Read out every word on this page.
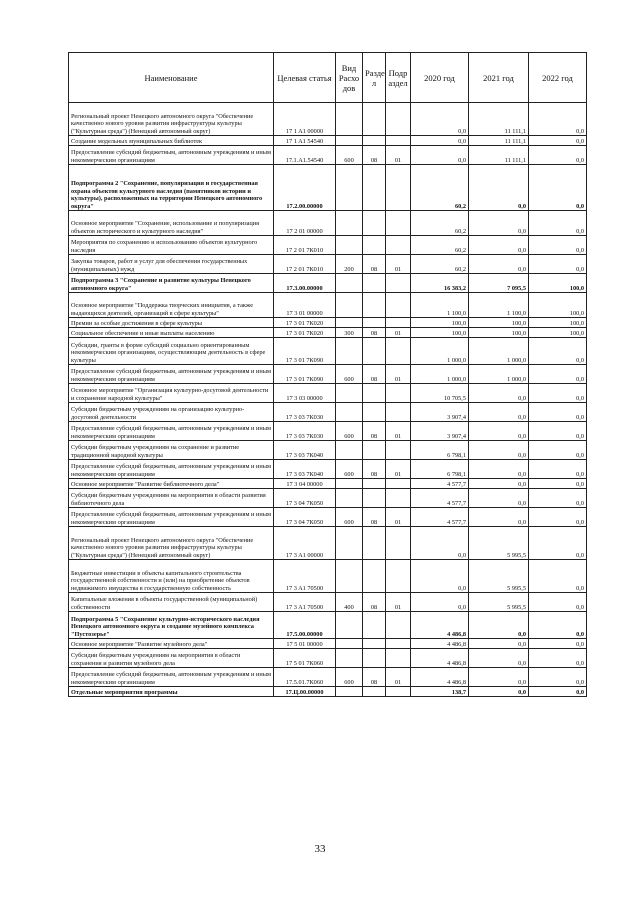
Наименование	Целевая статья	Вид Расхо дов	Разде л	Подр аздел	2020 год	2021 год	2022 год
Региональный проект Ненецкого автономного округа "Обеспечение качественно нового уровня развития инфраструктуры культуры ("Культурная среда") (Ненецкий автономный округ)	17 1 A1 00000				0,0	11 111,1	0,0
Создание модельных муниципальных библиотек	17 1 A1 54540				0,0	11 111,1	0,0
Предоставление субсидий бюджетным, автономным учреждениям и иным некоммерческим организациям	17.1.A1.54540	600	08	01	0,0	11 111,1	0,0
Подпрограмма 2 "Сохранение, популяризация и государственная охрана объектов культурного наследия (памятников истории и культуры), расположенных на территории Ненецкого автономного округа"	17.2.00.00000				60,2	0,0	0,0
Основное мероприятие "Сохранение, использование и популяризация объектов исторического и культурного наследия"	17 2 01 00000				60,2	0,0	0,0
Мероприятия по сохранению и использованию объектов культурного наследия	17 2 01 7К010				60,2	0,0	0,0
Закупка товаров, работ и услуг для обеспечения государственных (муниципальных) нужд	17 2 01 7К010	200	08	01	60,2	0,0	0,0
Подпрограмма 3 "Сохранение и развитие культуры Ненецкого автономного округа"	17.3.00.00000				16 383,2	7 095,5	100,0
Основное мероприятие "Поддержка творческих инициатив, а также выдающихся деятелей, организаций в сфере культуры"	17 3 01 00000				1 100,0	1 100,0	100,0
Премии за особые достижения в сфере культуры	17 3 01 7К020				100,0	100,0	100,0
Социальное обеспечение и иные выплаты населению	17 3 01 7К020	300	08	01	100,0	100,0	100,0
Субсидии, гранты в форме субсидий социально ориентированным некоммерческим организациям, осуществляющим деятельность в сфере культуры	17 3 01 7К090				1 000,0	1 000,0	0,0
Предоставление субсидий бюджетным, автономным учреждениям и иным некоммерческим организациям	17 3 01 7К090	600	08	01	1 000,0	1 000,0	0,0
Основное мероприятие "Организация культурно-досуговой деятельности и сохранение народной культуры"	17 3 03 00000				10 705,5	0,0	0,0
Субсидии бюджетным учреждениям на организацию культурно-досуговой деятельности	17 3 03 7К030				3 907,4	0,0	0,0
Предоставление субсидий бюджетным, автономным учреждениям и иным некоммерческим организациям	17 3 03 7К030	600	08	01	3 907,4	0,0	0,0
Субсидии бюджетным учреждениям на сохранение и развитие традиционной народной культуры	17 3 03 7К040				6 798,1	0,0	0,0
Предоставление субсидий бюджетным, автономным учреждениям и иным некоммерческим организациям	17 3 03 7К040	600	08	01	6 798,1	0,0	0,0
Основное мероприятие "Развитие библиотечного дела"	17 3 04 00000				4 577,7	0,0	0,0
Субсидии бюджетным учреждениям на мероприятия в области развития библиотечного дела	17 3 04 7К050				4 577,7	0,0	0,0
Предоставление субсидий бюджетным, автономным учреждениям и иным некоммерческим организациям	17 3 04 7К050	600	08	01	4 577,7	0,0	0,0
Региональный проект Ненецкого автономного округа "Обеспечение качественно нового уровня развития инфраструктуры культуры ("Культурная среда") (Ненецкий автономный округ)	17 3 A1 00000				0,0	5 995,5	0,0
Бюджетные инвестиции в объекты капитального строительства государственной собственности и (или) на приобретение объектов недвижимого имущества в государственную собственность	17 3 A1 70500				0,0	5 995,5	0,0
Капитальные вложения в объекты государственной (муниципальной) собственности	17 3 A1 70500	400	08	01	0,0	5 995,5	0,0
Подпрограмма 5 "Сохранение культурно-исторического наследия Ненецкого автономного округа и создание музейного комплекса "Пустозерье"	17.5.00.00000				4 486,8	0,0	0,0
Основное мероприятие "Развитие музейного дела"	17 5 01 00000				4 486,8	0,0	0,0
Субсидии бюджетным учреждениям на мероприятия в области сохранения и развития музейного дела	17 5 01 7К060				4 486,8	0,0	0,0
Предоставление субсидий бюджетным, автономным учреждениям и иным некоммерческим организациям	17.5.01.7К060	600	08	01	4 486,8	0,0	0,0
Отдельные мероприятия программы	17.Ц.00.00000				138,7	0,0	0,0
33
